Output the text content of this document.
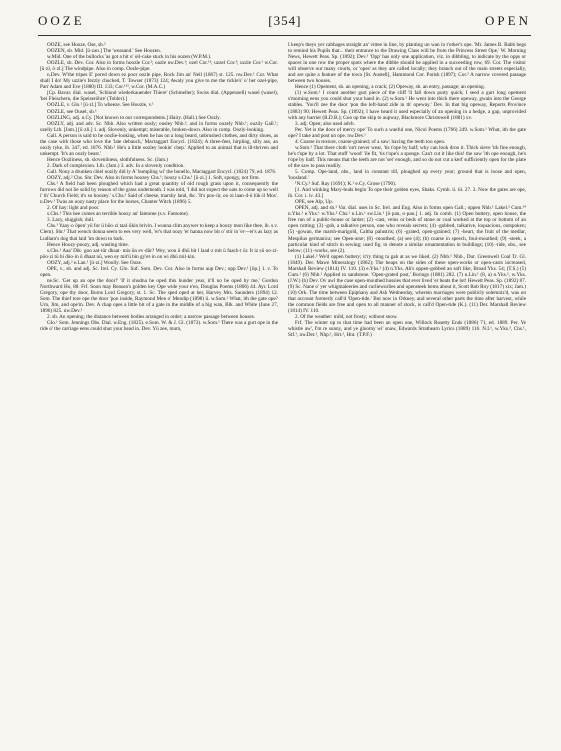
OOZE	[354]	OPEN

OOZE, see Hooze, Ose, sb.²

OOZEN, sb. Mid. [ū·zən.] The 'weasand.' See Hoozen.

w.Mid. One of the bullocks 'as got a bit o' oil-cake stuck in his oozen (W.P.M.).

OOZLE, sb. Dev. Cor. Also in forms hoozle Cor.²; oazle nw.Dev.¹; ozel Cor.¹²; uzzel Cor.³; uzzle Cor.¹ w.Cor. [ū·zl, ō·zl.] The windpipe. Also in comp. Oozle-pipe.

n.Dev. W'the tripes E' pored down ez poor oozle pipe, Rock Jim an' Nell (1867) st. 125. nw.Dev.¹ Cor. What shall I do! My uzzle's fezzly chucked, T. Towser (1873) 124; Awaly you give to me the tickle's' o' her ozel-pipe, Parr Adam and Eve (1880) III. 133; Cor.¹²³, w.Cor. (M.A.C.)

[Cp. Bavar. dial. wasel, 'Schlund wiederkauender Thiere' (Schmeller); Swiss dial. (Appenzell) wasel (wasel), 'bei Fleischern, die Speiseröhre' (Tobler).]

OOZLE, v. Glo.¹ [ū·zl.] To wheeze. See Hoozle, v.¹

OOZLE, see Ousel, sb.¹

OOZLING, adj. n.Cy. [Not known to our correspondents.] Hairy. (Hall.) See Oozly.

OOZLY, adj. and adv. Sc. Nhb. Also written oosly; ousley Nhb.¹; and in forms oozely Nhb.¹; ouzily Gall.¹; ozelly Lth. [Jam.] [ū·zli.] 1. adj. Slovenly, unkempt; miserable, broken-down. Also in comp. Oozly-looking.

Gall. A person is said to be oozlie-looking, when he has on a long beard, unbrushed clothes, and dirty shoes, as the case with those who love the 'late debauch,' Mactaggart Encycl. (1824); A three-feet, hirpling, silly ass, an oozly tyke, ib. 347, ed. 1876. Nhb.¹ He's a little oozley lookin' chep.' Applied to an animal that is ill-thriven and unkempt. 'It's an oozly beast.'

Hence Oozliness, sb. slovenliness, slothfulness. Sc. (Jam.)

2. Dark of complexion. Lth. (Jam.) 3. adv. In a slovenly condition.

Gall. Nony a drunken chiel oozily did ly A' bumpling wi' the bonello, Mactaggart Encycl. (1824) 79, ed. 1876.

OOZY, adj.² Chs. Shr. Dev. Also in forms hoozey Chs.¹; hoozy s.Chs.¹ [ū·zi.] 1. Soft, spongy, not firm.

Chs.¹ A field had been ploughed which had a great quantity of old rough grass upon it, consequently the furrows did not lie solid by reason of the grass underneath. I was told, 'I did not expect the oats to come up so well i' th' Church Field; it's so hoozey.' s.Chs.¹ Said of cheese, marshy land, &c. 'It's poo·ūr, oo·zi laan·d-ū lūk·il Mos'. n.Dev.¹ Twas an oozy nasty place for the horses, Chanter Witch (1896) 5.

2. Of hay: light and poor.

s.Chs.¹ This hee comes an terrible hoozy an' fantome (s.v. Fantome).

3. Lazy, sluggish; dull.

Chs.¹ Yaay·o ōpen' yū for ū hōo·zi taal·ūkin brivin. I wunna clim anywer to keep a hoozy mon like thee, ib. s.v. Clem). Shr.¹ That wench donna seem to ees very well, 'er's that oozy 'er hanna now bit o' stir in 'er—er's as lazy as Ludlam's dog that laid 'im down to bark.

Hence Hoozy-poozy, adj. wasting time.

s.Chs.¹ Aaa' Dik· goo aat·tūr dhaat· mis·ūn ev·dūr? Wey, won ū dhū bit l laad·z mit ū faach·t ūr. It iz sū oo·zi-pōo·zi tū bi dōo·in ū dhaat nū, wen ey mit'ū bin gy'et·in on wi dhū mil·kin.

OOZY, adj.² e.Lan.¹ [ū·zi.] Woolly. See Ooze.

OPE, v., sb. and adj. Sc. Irel. Cy. Glo. Suf. Som. Dev. Cor. Also in forms aup Dev.; opp Dev.¹ [ōp.] 1. v. To open.

ne.Sc. 'Get up an ope the door!' 'If it shudna be oped this hunder year, it'll no be oped by me,' Gordon Northward Ho, 88. Frf. Soon may Reason's golden key Ope wide your e'en, Douglas Poems (1806) 44. Ayr. Lord Gregory, ope thy door, Burns Lord Gregory, st. 1. Sc. The sped oped at her, Harvey Mrs. Saunders (1894) 12. Som. The thief tore ope the door 'pon inside, Raymond Men o' Mendip (1898) ii. w.Som.¹ What, ith the gate ope? Urn, Jim, and ope'm. Dev. A chap opes a little bit of a gate in the middle of a big wan, Blk. and White (June 27, 1896) 825. nw.Dev.¹

2. sb. An opening; the distance between bodies arranged in order; a narrow passage between houses.

Glo.¹ Som. Jennings Obs. Dial. w.Eng. (1825). e.Som. W. & J. Gl. (1873). w.Som.¹ There was a gurt ope in the ride o' the carriage eens could shut your head in. Dev. Yū zee, mum,

I keep's theys yer cabbages straight an' vittee in line, by planting un wan in t'other's ope. 'Mr. James B. Babb begs to remind his Pupils that... their entrance to the Drawing Class will be from the Princess Street Ope,' W. Morning News, Hewett Peas. Sp. (1892); Dev.¹ 'Opp' has only one application, viz. in dibbling, to indicate by the opps or spaces in one row the proper spots where the dibble should be applied in a succeeding row, 69. Cor. The visitor will observe our many courts, or 'opes' as they are called locally; they branch out of the main streets especially, and are quite a feature of the town [St. Austell], Hammond Cor. Parish (1897); Cor.² A narrow covered passage between two houses.

Hence (1) Opement, sb. an opening, a crack; (2) Opeway, sb. an entry, passage; an opening.

(1) w.Som.¹ I count another gurt piece of the cliff 'll fall down purty quick; I seed a gurt long opement s'morning eens you could shut your hand in. (2) w.Som.¹ He went into thick there opeway, gwain into the George stables. 'You'll zee the door 'pon the left-hand zide in th' opeway.' Dev. In that big opeway, Reports Province (1883) 90; Hewett Peas. Sp. (1892); I have heard it used especially of an opening in a hedge, a gap, unprovided with any barrier (R.D.B.); Goo up the skip to aupway, Blackmore Christowell (1881) xv.

3. adj. Open; also used advb.

Per. Yet is the door of mercy ope' To such a waeful one, Nicol Poems (1766) 249. w.Som.¹ What, ith the gate ope? I take and post un ope. nw.Dev.¹

4. Coarse in texture, coarse-grained; of a saw: having the teeth too open.

w.Som.¹ That there cloth 'on't never wear, 'tis t'ope by half; why can look droo it. Thick sieve 'ith fine enough, he's t'ope by a lot. That stuff 'wood' 'ile fit, 'tis t'ope's a sponge. Can't cut it like this! the saw 'ith ope enough, he's t'ope by half. This means that the teeth are not 'set' enough, and so do not cut a kerf sufficiently open for the plate of the saw to pass readily.

5. Comp. Ope-land, obs., land in constant till, ploughed up every year; ground that is loose and open, 'loosland.'

¹N.Cy.² Suf. Ray (1691); K.¹ e.Cy. Grose (1790).

[1. And winking Mary-buds begin To ope their golden eyes, Shaks. Cymb. ii. iii. 27. 3. Now the gates are ope, ib. Cor. i. iv. 43.]

OPE, see Alp, Up.

OPEN, adj. and sb.¹ Var. dial. uses in Sc. Irel. and Eng. Also in forms open Gall.; oppen Nhb.¹ Lakel.² Cum.¹⁴ n.Yks.² e.Yks.¹ w.Yks.² Chs.¹ n.Lin.¹ sw.Lin.¹ [ō·pan, o·pan.] 1. adj. In comb. (1) Open buttery, open house, the free run of a public-house or larder; (2) -cast, veins or beds of stone or coal worked at the top or bottom of an open cutting; (3) -gob, a talkative person, one who reveals secrets; (4) -gobbed, talkative, loquacious, outspoken; (5) -gowan, the marsh-marigold, Caltha palustris; (6) -grated, open-grained; (7) -heart, the fruit of the medlar, Mespilus germanica; see Open-arse; (8) -mouthed, (a) see (4); (b) coarse in speech, foul-mouthed; (9) -steek, a particular kind of stitch in sewing; used fig. to denote a similar ornamentation in buildings; (10) -tide, obs., see below; (11) -works, see (2).

(1) Lakel.² We'd oppen buttery; it'ry thing ta gab at as we liked. (2) Nhb.¹ Nhb., Dur. Greenwell Coal Tr. Gl. (1849). Der. Mawe Mineralogy (1802); The heaps on the sides of these open-works or open-casts increased, Marshall Review (1814) IV. 110. (3) e.Yks.¹ (4) n.Yks. Ah's oppen-gobbed an soft like, Broad Yks. 54; (T.S.) (5) Cum.¹ (6) Nhb.¹ Applied to sandstone. 'Open-grated post,' Borings (1881) 282. (7) n.Lin.¹ (8, a) n.Yks.², w.Yks. (J.W.) (b) Dev. Ov awl the cuse open-mouthed hussies that ever lived 'er beats the lot! Hewett Peas. Sp. (1892) 87. (9) Sc. Nane o' yer whigmaleeries and curliewurlies and opensteek hems about it, Scott Rob Roy (1817) xix; Jam.) (10) Ork. The time between Epiphany and Ash Wednesday, wherein marriages were publicly solemniz'd, was on that account formerly call'd 'Open-tide.' But now in Orkney, and several other parts the time after harvest, while the common fields are free and open to all manner of stock, is call'd Open-tide (K.). (11) Der. Marshall Review (1814) IV. 110.

2. Of the weather: mild, not frosty; without snow.

Frf. The winter up to that time had been an open one, Willock Rosetty Ends (1886) 71, ed. 1889. Per. Ye whistle aw', I'm re sunny, and ye gloomy wi' snaw, Edwards Strathearn Lyrics (1889) 116. N.I.¹, w.Yks.³, Chs.¹, Stf.¹, nw.Der.¹, Nhp.¹, Hrt.², Hnt. (T.P.F.)
